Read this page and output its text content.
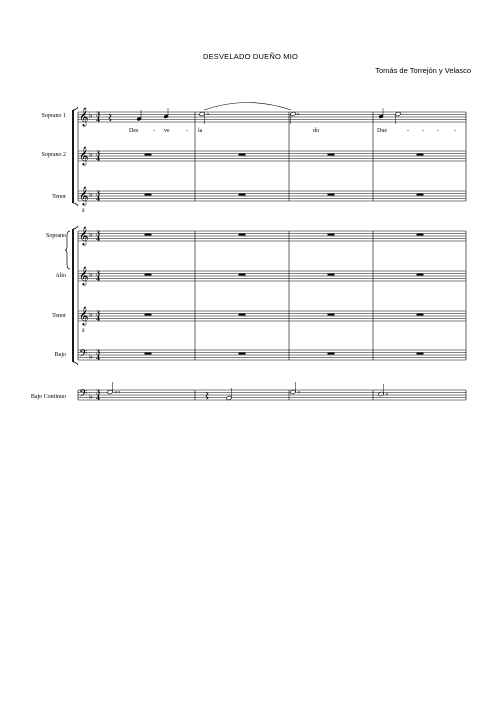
DESVELADO DUEÑO MIO
Tomás de Torrejón y Velasco
Soprano 1
Soprano 2
Tenor
Soprano
Alto
Tenor
Bajo
Bajo Continuo
Des - ve	- la	do	Due	- - -	-
3
4
𝄞
𝄞
𝄞
𝄞
𝄞
𝄞
8
8
𝄢
𝄢
♭
♭
♭
♭
♭
♭
♭
♭
